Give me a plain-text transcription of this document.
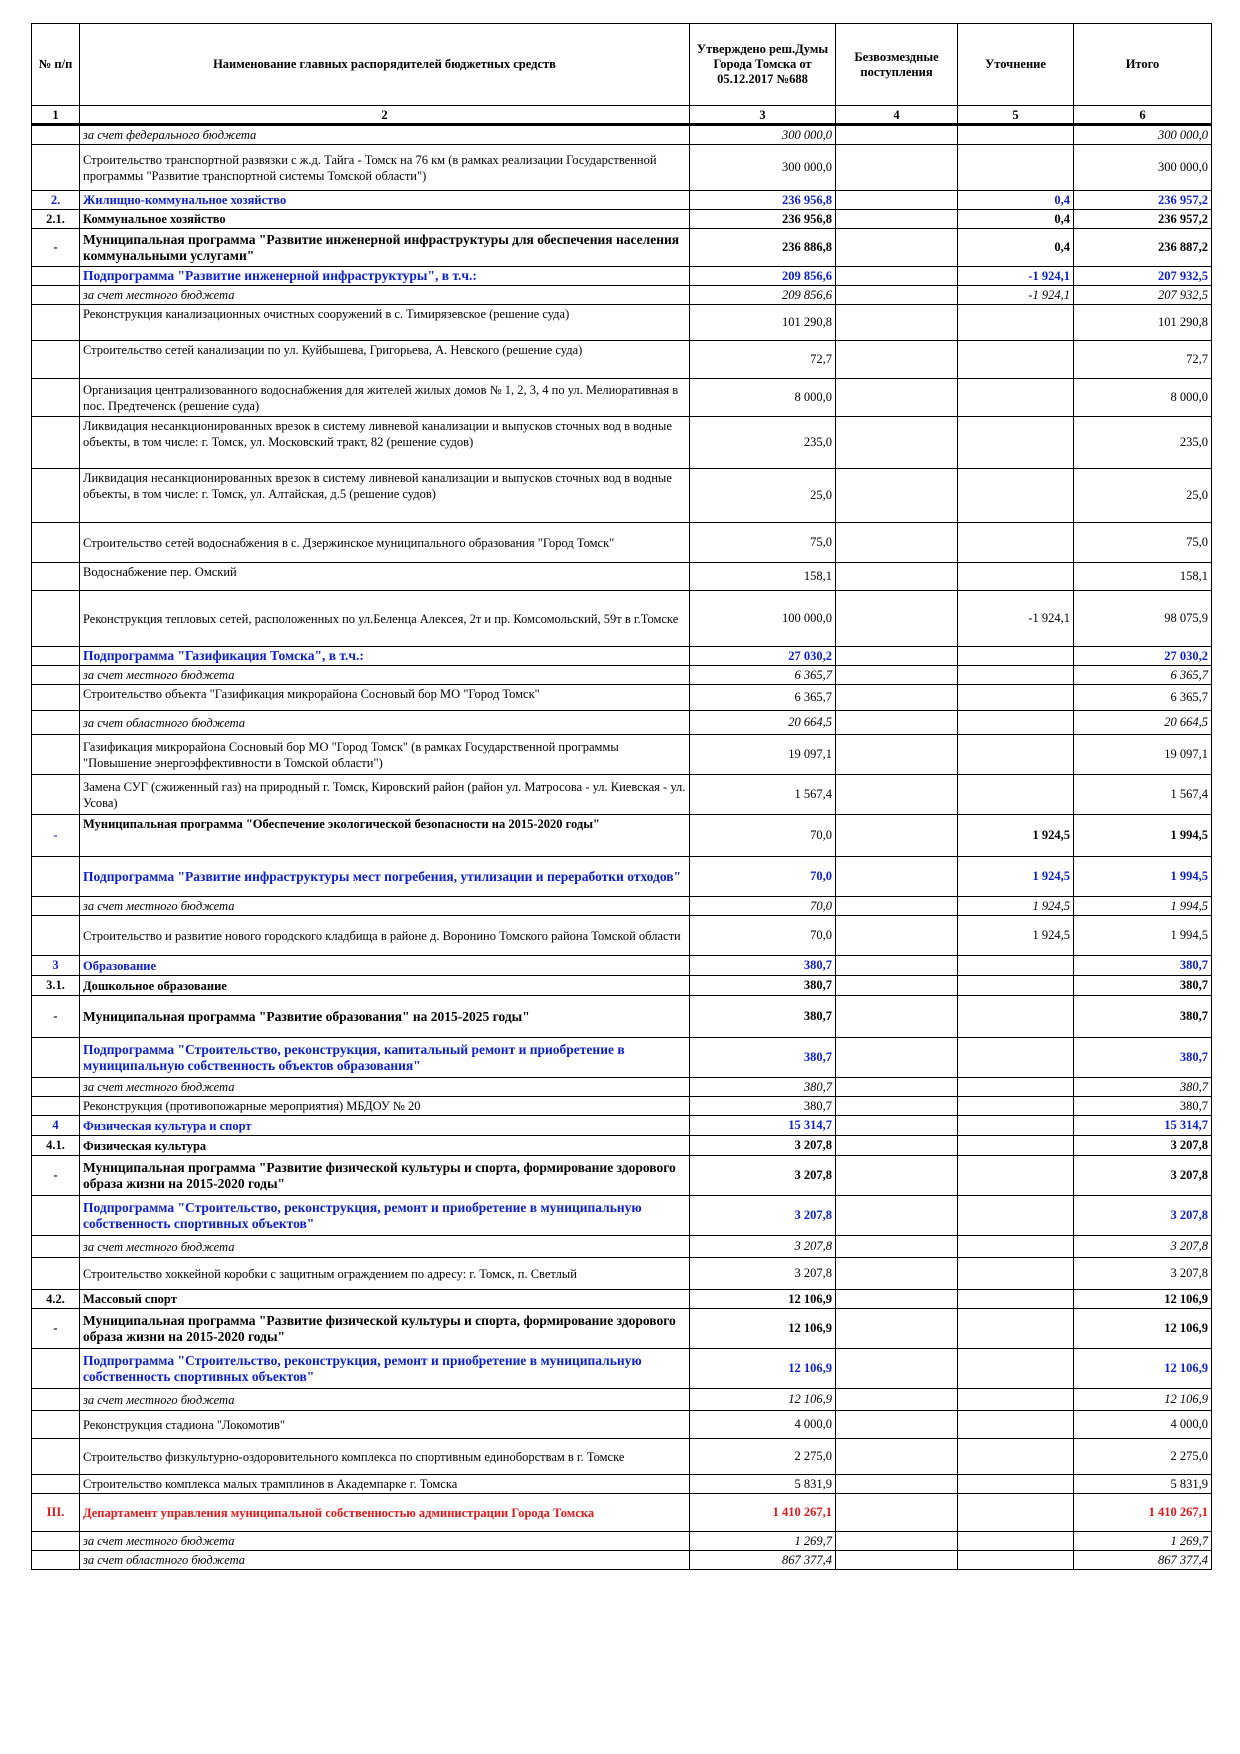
№ п/п	Наименование главных распорядителей бюджетных средств	Утверждено реш.Думы Города Томска от 05.12.2017 №688	Безвозмездные поступления	Уточнение	Итого
1	2	3	4	5	6
	за счет федерального бюджета	300 000,0			300 000,0
	Строительство транспортной развязки с ж.д. Тайга - Томск на 76 км (в рамках реализации Государственной программы "Развитие транспортной системы Томской области")	300 000,0			300 000,0
2.	Жилищно-коммунальное хозяйство	236 956,8		0,4	236 957,2
2.1.	Коммунальное хозяйство	236 956,8		0,4	236 957,2
-	Муниципальная программа "Развитие инженерной инфраструктуры для обеспечения населения коммунальными услугами"	236 886,8		0,4	236 887,2
	Подпрограмма "Развитие инженерной инфраструктуры", в т.ч.:	209 856,6		-1 924,1	207 932,5
	за счет местного бюджета	209 856,6		-1 924,1	207 932,5
	Реконструкция канализационных очистных сооружений в с. Тимирязевское (решение суда)	101 290,8			101 290,8
	Строительство сетей канализации по ул. Куйбышева, Григорьева, А. Невского (решение суда)	72,7			72,7
	Организация централизованного водоснабжения для жителей жилых домов № 1, 2, 3, 4 по ул. Мелиоративная в пос. Предтеченск (решение суда)	8 000,0			8 000,0
	Ликвидация несанкционированных врезок в систему ливневой канализации и выпусков сточных вод в водные объекты, в том числе: г. Томск, ул. Московский тракт, 82 (решение судов)	235,0			235,0
	Ликвидация несанкционированных врезок в систему ливневой канализации и выпусков сточных вод в водные объекты, в том числе: г. Томск, ул. Алтайская, д.5 (решение судов)	25,0			25,0
	Строительство сетей водоснабжения в с. Дзержинское муниципального образования "Город Томск"	75,0			75,0
	Водоснабжение пер. Омский	158,1			158,1
	Реконструкция тепловых сетей, расположенных по ул.Беленца Алексея, 2т и пр. Комсомольский, 59т в г.Томске	100 000,0		-1 924,1	98 075,9
	Подпрограмма "Газификация Томска", в т.ч.:	27 030,2			27 030,2
	за счет местного бюджета	6 365,7			6 365,7
	Строительство объекта "Газификация микрорайона Сосновый бор МО "Город Томск"	6 365,7			6 365,7
	за счет областного бюджета	20 664,5			20 664,5
	Газификация микрорайона Сосновый бор МО "Город Томск" (в рамках Государственной программы "Повышение энергоэффективности в Томской области")	19 097,1			19 097,1
	Замена СУГ (сжиженный газ) на природный г. Томск, Кировский район (район ул. Матросова - ул. Киевская - ул. Усова)	1 567,4			1 567,4
-	Муниципальная программа "Обеспечение экологической безопасности на 2015-2020 годы"	70,0		1 924,5	1 994,5
	Подпрограмма "Развитие инфраструктуры мест погребения, утилизации и переработки отходов"	70,0		1 924,5	1 994,5
	за счет местного бюджета	70,0		1 924,5	1 994,5
	Строительство и развитие нового городского кладбища в районе д. Воронино Томского района Томской области	70,0		1 924,5	1 994,5
3	Образование	380,7			380,7
3.1.	Дошкольное образование	380,7			380,7
-	Муниципальная программа "Развитие образования" на 2015-2025 годы"	380,7			380,7
	Подпрограмма "Строительство, реконструкция, капитальный ремонт и приобретение в муниципальную собственность объектов образования"	380,7			380,7
	за счет местного бюджета	380,7			380,7
	Реконструкция (противопожарные мероприятия) МБДОУ № 20	380,7			380,7
4	Физическая культура и спорт	15 314,7			15 314,7
4.1.	Физическая культура	3 207,8			3 207,8
-	Муниципальная программа "Развитие физической культуры и спорта, формирование здорового образа жизни на 2015-2020 годы"	3 207,8			3 207,8
	Подпрограмма "Строительство, реконструкция, ремонт и приобретение в муниципальную собственность спортивных объектов"	3 207,8			3 207,8
	за счет местного бюджета	3 207,8			3 207,8
	Строительство хоккейной коробки с защитным ограждением по адресу: г. Томск, п. Светлый	3 207,8			3 207,8
4.2.	Массовый спорт	12 106,9			12 106,9
-	Муниципальная программа "Развитие физической культуры и спорта, формирование здорового образа жизни на 2015-2020 годы"	12 106,9			12 106,9
	Подпрограмма "Строительство, реконструкция, ремонт и приобретение в муниципальную собственность спортивных объектов"	12 106,9			12 106,9
	за счет местного бюджета	12 106,9			12 106,9
	Реконструкция стадиона "Локомотив"	4 000,0			4 000,0
	Строительство физкультурно-оздоровительного комплекса по спортивным единоборствам в г. Томске	2 275,0			2 275,0
	Строительство комплекса малых трамплинов в Академпарке г. Томска	5 831,9			5 831,9
III.	Департамент управления муниципальной собственностью администрации Города Томска	1 410 267,1			1 410 267,1
	за счет местного бюджета	1 269,7			1 269,7
	за счет областного бюджета	867 377,4			867 377,4
